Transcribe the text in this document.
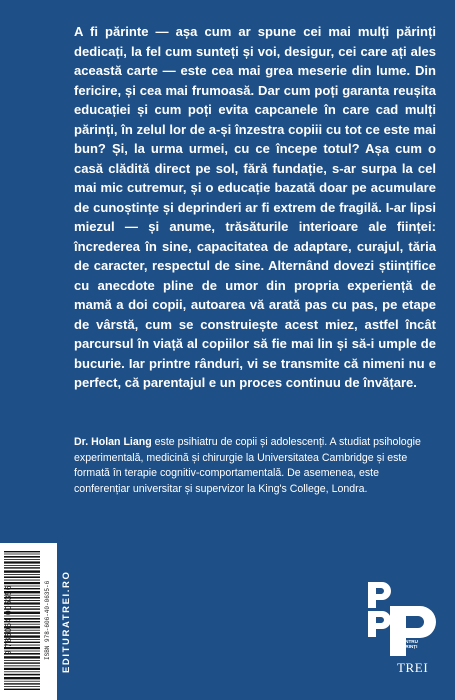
A fi părinte — așa cum ar spune cei mai mulți părinți dedicați, la fel cum sunteți și voi, desigur, cei care ați ales această carte — este cea mai grea meserie din lume. Din fericire, și cea mai frumoasă. Dar cum poți garanta reușita educației și cum poți evita capcanele în care cad mulți părinți, în zelul lor de a-și înzestra copiii cu tot ce este mai bun? Și, la urma urmei, cu ce începe totul? Așa cum o casă clădită direct pe sol, fără fundație, s-ar surpa la cel mai mic cutremur, și o educație bazată doar pe acumulare de cunoștințe și deprinderi ar fi extrem de fragilă. I-ar lipsi miezul — și anume, trăsăturile interioare ale ființei: încrederea în sine, capacitatea de adaptare, curajul, tăria de caracter, respectul de sine. Alternând dovezi științifice cu anecdote pline de umor din propria experiență de mamă a doi copii, autoarea vă arată pas cu pas, pe etape de vârstă, cum se construiește acest miez, astfel încât parcursul în viață al copiilor să fie mai lin și să-i umple de bucurie. Iar printre rânduri, vi se transmite că nimeni nu e perfect, că parentajul e un proces continuu de învățare.

Dr. Holan Liang este psihiatru de copii și adolescenți. A studiat psihologie experimentală, medicină și chirurgie la Universitatea Cambridge și este formată în terapie cognitiv-comportamentală. De asemenea, este conferențiar universitar și supervizor la King's College, Londra.

9 786064 006356	ISBN 978-606-40-0635-6	EDITURATREI.RO	PSIHOLOGIE
PRACTICĂ
PENTRU
PĂRINȚI
TREI
